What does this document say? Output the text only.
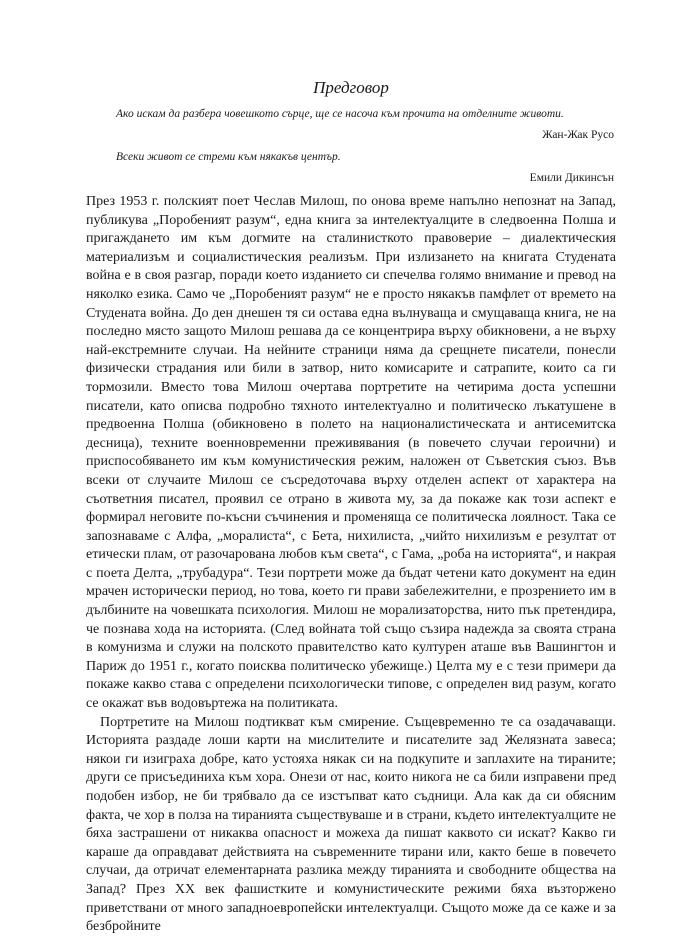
Предговор

Ако искам да разбера човешкото сърце, ще се насоча към прочита на отделните животи.

Жан-Жак Русо

Всеки живот се стреми към някакъв център.

Емили Дикинсън

През 1953 г. полският поет Чеслав Милош, по онова време напълно непознат на Запад, публикува „Поробеният разум“, една книга за интелектуалците в следвоенна Полша и пригаждането им към догмите на сталинисткото правоверие – диалектическия материализъм и социалистическия реализъм. При излизането на книгата Студената война е в своя разгар, поради което изданието си спечелва голямо внимание и превод на няколко езика. Само че „Поробеният разум“ не е просто някакъв памфлет от времето на Студената война. До ден днешен тя си остава една вълнуваща и смущаваща книга, не на последно място защото Милош решава да се концентрира върху обикновени, а не върху най-екстремните случаи. На нейните страници няма да срещнете писатели, понесли физически страдания или били в затвор, нито комисарите и сатрапите, които са ги тормозили. Вместо това Милош очертава портретите на четирима доста успешни писатели, като описва подробно тяхното интелектуално и политическо лъкатушене в предвоенна Полша (обикновено в полето на националистическата и антисемитска десница), техните военновременни преживявания (в повечето случаи героични) и приспособяването им към комунистическия режим, наложен от Съветския съюз. Във всеки от случаите Милош се съсредоточава върху отделен аспект от характера на съответния писател, проявил се отрано в живота му, за да покаже как този аспект е формирал неговите по-късни съчинения и променяща се политическа лоялност. Така се запознаваме с Алфа, „моралиста“, с Бета, нихилиста, „чийто нихилизъм е резултат от етически плам, от разочарована любов към света“, с Гама, „роба на историята“, и накрая с поета Делта, „трубадура“. Тези портрети може да бъдат четени като документ на един мрачен исторически период, но това, което ги прави забележителни, е прозрението им в дълбините на човешката психология. Милош не морализаторства, нито пък претендира, че познава хода на историята. (След войната той също съзира надежда за своята страна в комунизма и служи на полското правителство като културен аташе във Вашингтон и Париж до 1951 г., когато поисква политическо убежище.) Целта му е с тези примери да покаже какво става с определени психологически типове, с определен вид разум, когато се окажат във водовъртежа на политиката.

Портретите на Милош подтикват към смирение. Същевременно те са озадачаващи. Историята раздаде лоши карти на мислителите и писателите зад Желязната завеса; някои ги изиграха добре, като устояха някак си на подкупите и заплахите на тираните; други се присъединиха към хора. Онези от нас, които никога не са били изправени пред подобен избор, не би трябвало да се изстъпват като съдници. Ала как да си обясним факта, че хор в полза на тиранията съществуваше и в страни, където интелектуалците не бяха застрашени от никаква опасност и можеха да пишат каквото си искат? Какво ги караше да оправдават действията на съвременните тирани или, както беше в повечето случаи, да отричат елементарната разлика между тиранията и свободните общества на Запад? През XX век фашистките и комунистическите режими бяха възторжено приветствани от много западноевропейски интелектуалци. Същото може да се каже и за безбройните
